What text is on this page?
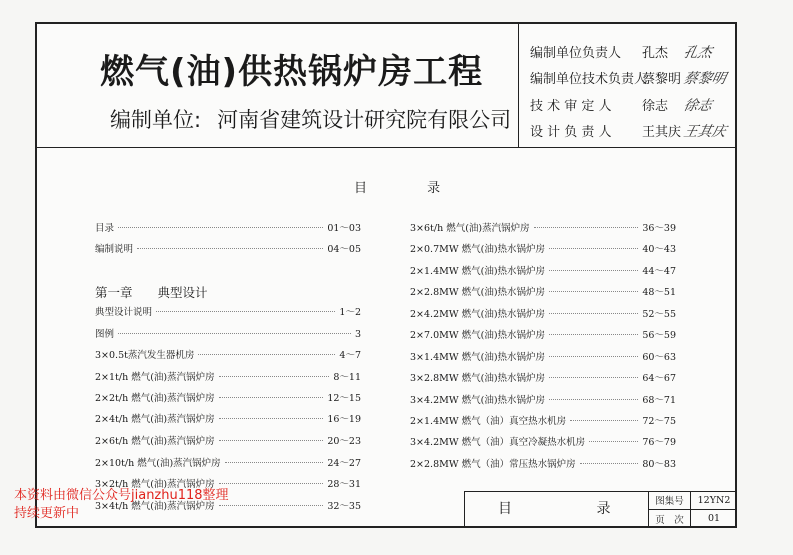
燃气(油)供热锅炉房工程
编制单位: 河南省建筑设计研究院有限公司
编制单位负责人 孔杰 孔杰
编制单位技术负责人蔡黎明蔡黎明
技 术 审 定 人 徐志 徐志
设 计 负 责 人 王其庆王其庆
目 录
目录	01～03
编制说明	04～05
第一章　　典型设计
典型设计说明	1～2
图例	3
3×0.5t蒸汽发生器机房	4～7
2×1t/h 燃气(油)蒸汽锅炉房	8～11
2×2t/h 燃气(油)蒸汽锅炉房	12～15
2×4t/h 燃气(油)蒸汽锅炉房	16～19
2×6t/h 燃气(油)蒸汽锅炉房	20～23
2×10t/h 燃气(油)蒸汽锅炉房	24～27
3×2t/h 燃气(油)蒸汽锅炉房	28～31
3×4t/h 燃气(油)蒸汽锅炉房	32～35
3×6t/h 燃气(油)蒸汽锅炉房	36～39
2×0.7MW 燃气(油)热水锅炉房	40～43
2×1.4MW 燃气(油)热水锅炉房	44～47
2×2.8MW 燃气(油)热水锅炉房	48～51
2×4.2MW 燃气(油)热水锅炉房	52～55
2×7.0MW 燃气(油)热水锅炉房	56～59
3×1.4MW 燃气(油)热水锅炉房	60～63
3×2.8MW 燃气(油)热水锅炉房	64～67
3×4.2MW 燃气(油)热水锅炉房	68～71
2×1.4MW 燃气（油）真空热水机房	72～75
3×4.2MW 燃气（油）真空冷凝热水机房	76～79
2×2.8MW 燃气（油）常压热水锅炉房	80～83
目 录 图集号	12YN2
页　次	01
本资料由微信公众号jianzhu118整理
持续更新中
